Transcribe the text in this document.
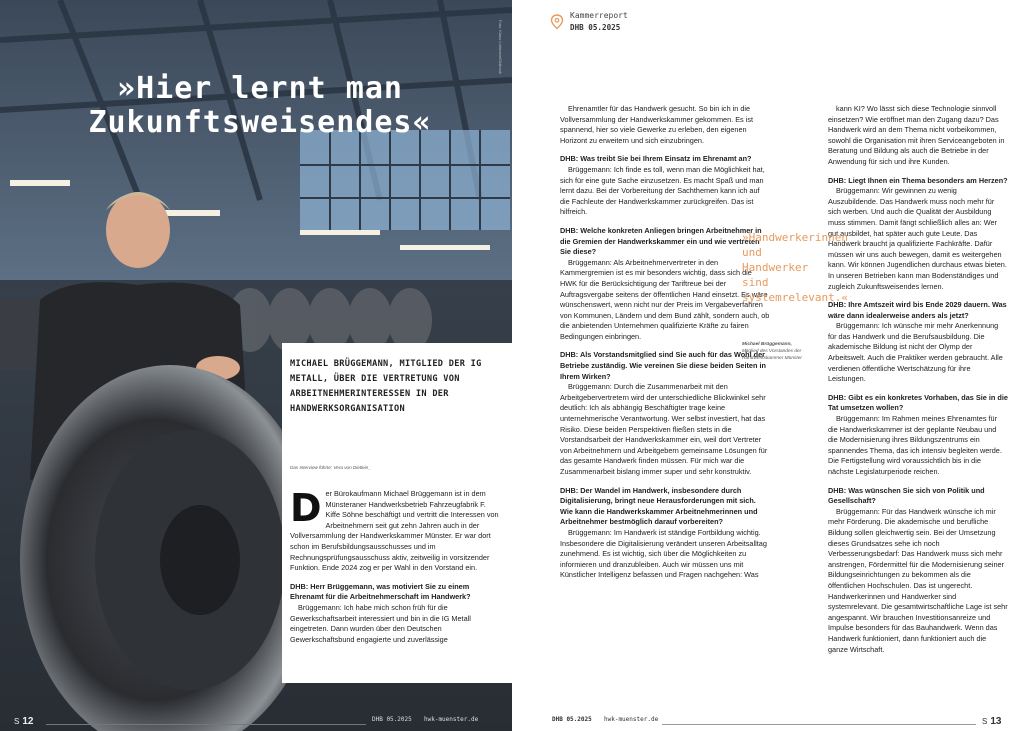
Foto: Klaus Lohmann/Oldbook
»Hier lernt man Zukunftsweisendes«
MICHAEL BRÜGGEMANN, MITGLIED DER IG METALL, ÜBER DIE VERTRETUNG VON ARBEITNEHMERINTERESSEN IN DER HANDWERKSORGANISATION
Das Interview führte: Vera von Dietlein_

Der Bürokaufmann Michael Brüggemann ist in dem Münsteraner Handwerksbetrieb Fahrzeugfabrik F. Kiffe Söhne beschäftigt und vertritt die Interessen von Arbeitnehmern seit gut zehn Jahren auch in der Vollversammlung der Handwerkskammer Münster. Er war dort schon im Berufsbildungsausschusses und im Rechnungsprüfungsausschuss aktiv, zeitweilig in vorsitzender Funktion. Ende 2024 zog er per Wahl in den Vorstand ein.

DHB: Herr Brüggemann, was motiviert Sie zu einem Ehrenamt für die Arbeitnehmerschaft im Handwerk?

Brüggemann: Ich habe mich schon früh für die Gewerkschaftsarbeit interessiert und bin in die IG Metall eingetreten. Dann wurden über den Deutschen Gewerkschaftsbund engagierte und zuverlässige

S 12	DHB 05.2025 hwk-muenster.de
Kammerreport
DHB 05.2025

Ehrenamtler für das Handwerk gesucht. So bin ich in die Vollversammlung der Handwerkskammer gekommen. Es ist spannend, hier so viele Gewerke zu erleben, den eigenen Horizont zu erweitern und sich einzubringen.

DHB: Was treibt Sie bei Ihrem Einsatz im Ehrenamt an?

Brüggemann: Ich finde es toll, wenn man die Möglichkeit hat, sich für eine gute Sache einzusetzen. Es macht Spaß und man lernt dazu. Bei der Vorbereitung der Sachthemen kann ich auf die Fachleute der Handwerkskammer zurückgreifen. Das ist hilfreich.

DHB: Welche konkreten Anliegen bringen Arbeitnehmer in die Gremien der Handwerkskammer ein und wie vertreten Sie diese?

Brüggemann: Als Arbeitnehmervertreter in den Kammergremien ist es mir besonders wichtig, dass sich die HWK für die Berücksichtigung der Tariftreue bei der Auftragsvergabe seitens der öffentlichen Hand einsetzt. Es wäre wünschenswert, wenn nicht nur der Preis im Vergabeverfahren von Kommunen, Ländern und dem Bund zählt, sondern auch, ob die anbietenden Unternehmen qualifizierte Kräfte zu fairen Bedingungen einbringen.

DHB: Als Vorstandsmitglied sind Sie auch für das Wohl der Betriebe zuständig. Wie vereinen Sie diese beiden Seiten in Ihrem Wirken?

Brüggemann: Durch die Zusammenarbeit mit den Arbeitgebervertretern wird der unterschiedliche Blickwinkel sehr deutlich: Ich als abhängig Beschäftigter trage keine unternehmerische Verantwortung. Wer selbst investiert, hat das Risiko. Diese beiden Perspektiven fließen stets in die Vorstandsarbeit der Handwerkskammer ein, weil dort Vertreter von Arbeitnehmern und Arbeitgebern gemeinsame Lösungen für das gesamte Handwerk finden müssen. Für mich war die Zusammenarbeit bislang immer super und sehr konstruktiv.

DHB: Der Wandel im Handwerk, insbesondere durch Digitalisierung, bringt neue Herausforderungen mit sich. Wie kann die Handwerkskammer Arbeitnehmerinnen und Arbeitnehmer bestmöglich darauf vorbereiten?

Brüggemann: Im Handwerk ist ständige Fortbildung wichtig. Insbesondere die Digitalisierung verändert unseren Arbeitsalltag zunehmend. Es ist wichtig, sich über die Möglichkeiten zu informieren und dranzubleiben. Auch wir müssen uns mit Künstlicher Intelligenz befassen und Fragen nachgehen: Was

kann KI? Wo lässt sich diese Technologie sinnvoll einsetzen? Wie eröffnet man den Zugang dazu? Das Handwerk wird an dem Thema nicht vorbeikommen, sowohl die Organisation mit ihren Serviceangeboten in Beratung und Bildung als auch die Betriebe in der Anwendung für sich und ihre Kunden.

DHB: Liegt Ihnen ein Thema besonders am Herzen?

Brüggemann: Wir gewinnen zu wenig Auszubildende. Das Handwerk muss noch mehr für sich werben. Und auch die Qualität der Ausbildung muss stimmen. Damit fängt schließlich alles an: Wer gut ausbildet, hat später auch gute Leute. Das Handwerk braucht ja qualifizierte Fachkräfte. Dafür müssen wir uns auch bewegen, damit es weitergehen kann. Wir können Jugendlichen durchaus etwas bieten. In unseren Betrieben kann man Bodenständiges und zugleich Zukunftsweisendes lernen.

DHB: Ihre Amtszeit wird bis Ende 2029 dauern. Was wäre dann idealerweise anders als jetzt?

Brüggemann: Ich wünsche mir mehr Anerkennung für das Handwerk und die Berufsausbildung. Die akademische Bildung ist nicht der Olymp der Arbeitswelt. Auch die Praktiker werden gebraucht. Alle verdienen öffentliche Wertschätzung für ihre Leistungen.

DHB: Gibt es ein konkretes Vorhaben, das Sie in die Tat umsetzen wollen?

Brüggemann: Im Rahmen meines Ehrenamtes für die Handwerkskammer ist der geplante Neubau und die Modernisierung ihres Bildungszentrums ein spannendes Thema, das ich intensiv begleiten werde. Die Fertigstellung wird voraussichtlich bis in die nächste Legislaturperiode reichen.

DHB: Was wünschen Sie sich von Politik und Gesellschaft?

Brüggemann: Für das Handwerk wünsche ich mir mehr Förderung. Die akademische und berufliche Bildung sollen gleichwertig sein. Bei der Umsetzung dieses Grundsatzes sehe ich noch Verbesserungsbedarf: Das Handwerk muss sich mehr anstrengen, Fördermittel für die Modernisierung seiner Bildungseinrichtungen zu bekommen als die öffentlichen Hochschulen. Das ist ungerecht. Handwerkerinnen und Handwerker sind systemrelevant. Die gesamtwirtschaftliche Lage ist sehr angespannt. Wir brauchen Investitionsanreize und Impulse besonders für das Bauhandwerk. Wenn das Handwerk funktioniert, dann funktioniert auch die ganze Wirtschaft.

»Handwerkerinnen und Handwerker sind systemrelevant.«
Michael Brüggemann,
Mitglied des Vorstandes der Handwerkskammer Münster
DHB 05.2025 hwk-muenster.de	S 13
